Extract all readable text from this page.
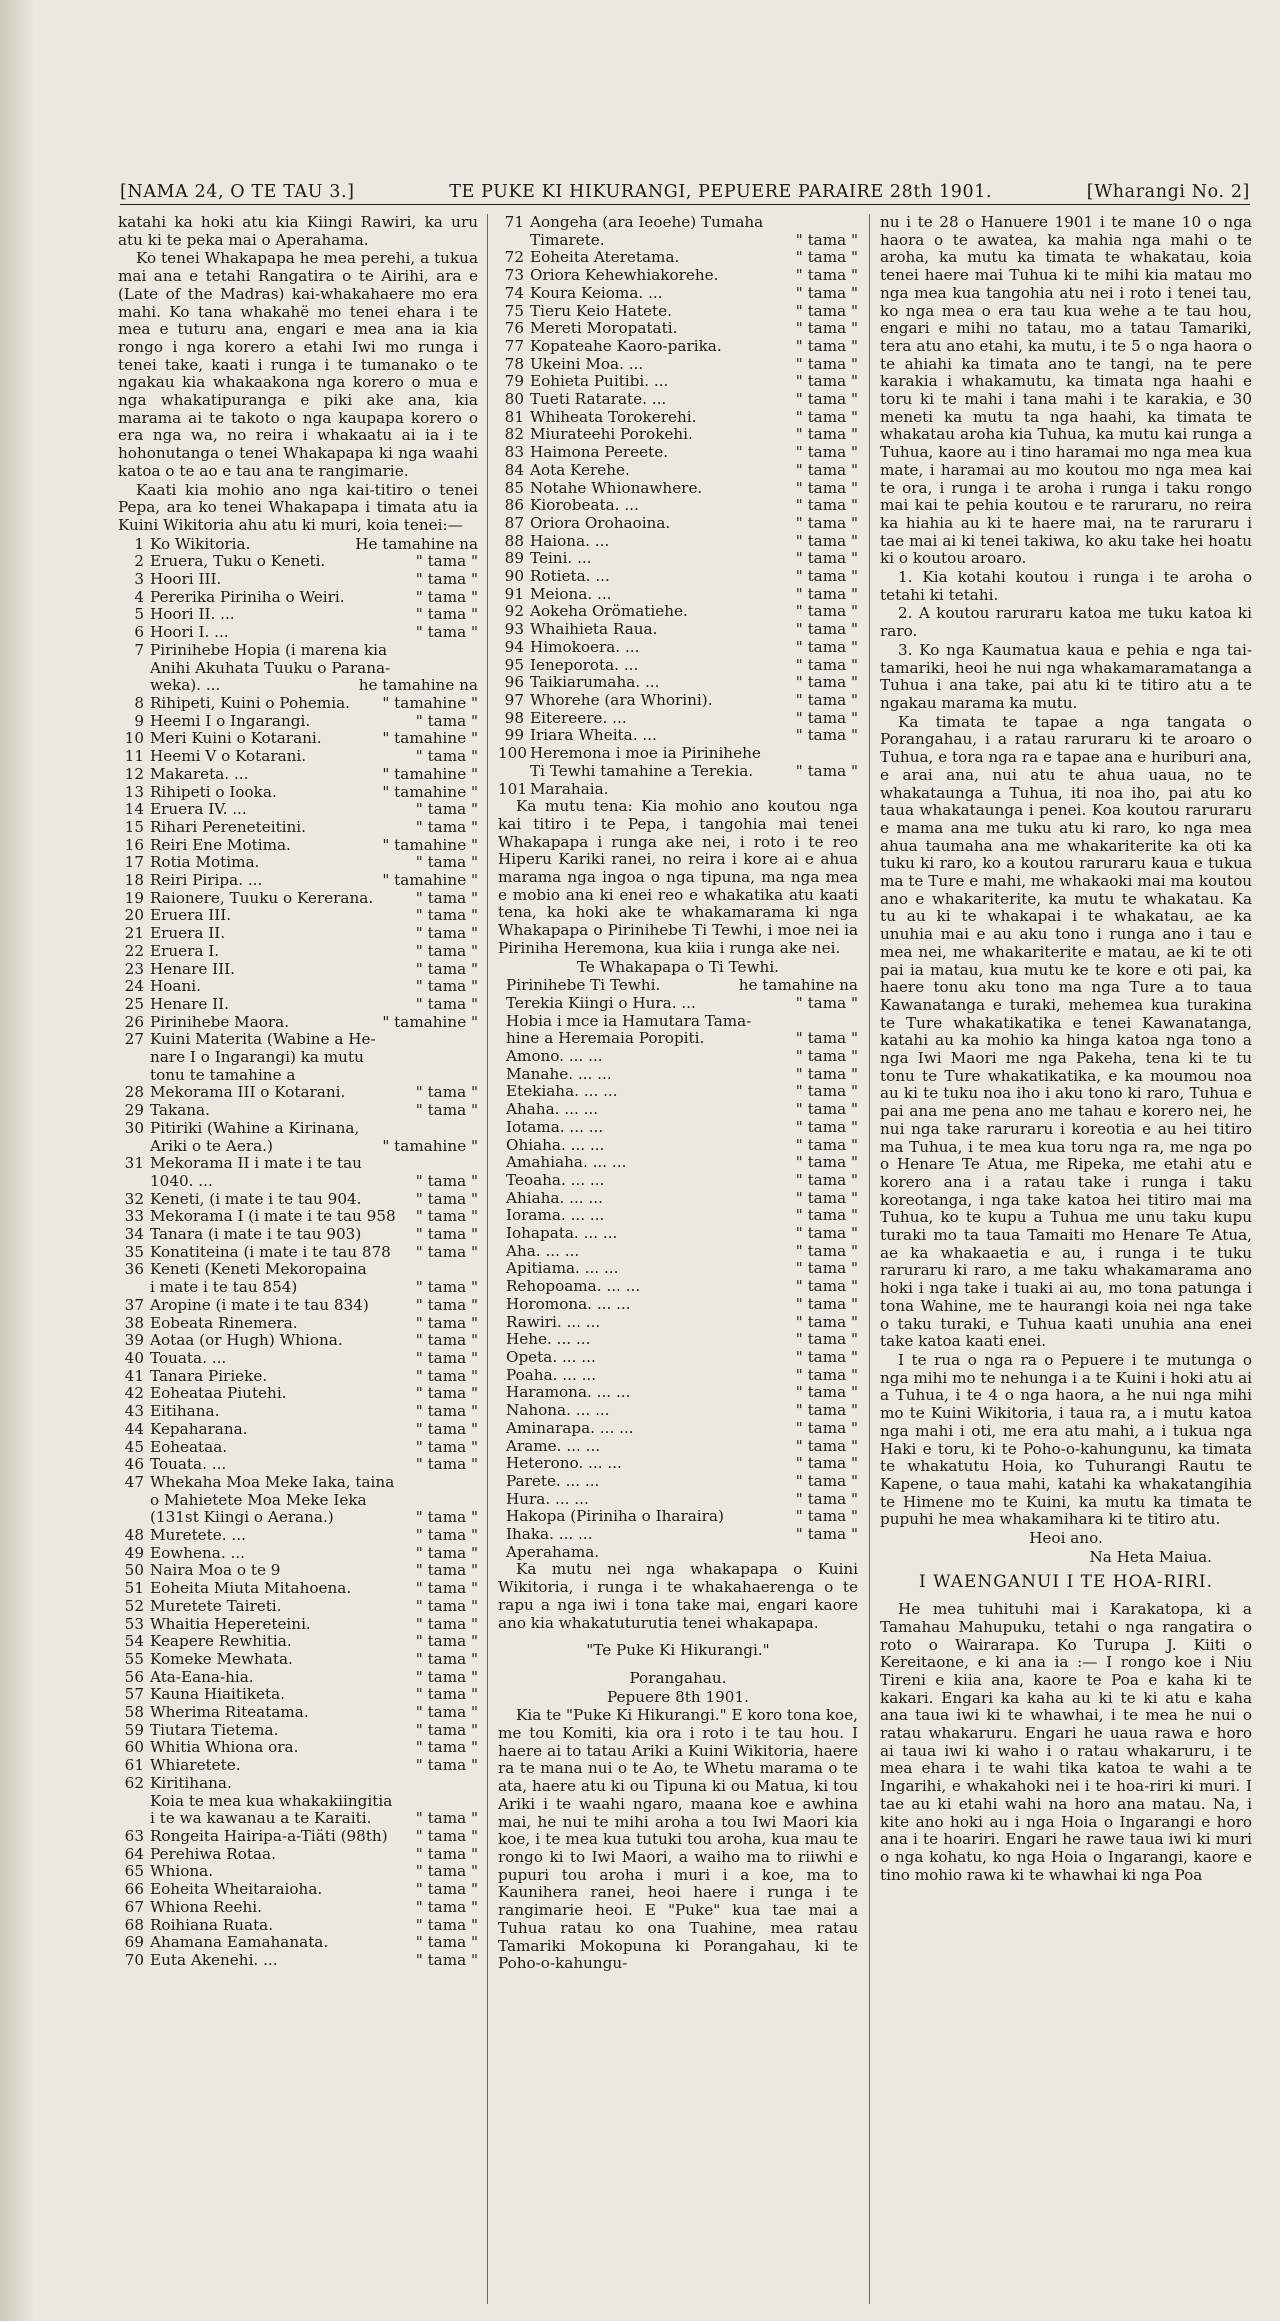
[NAMA 24, O TE TAU 3.]	TE PUKE KI HIKURANGI, PEPUERE PARAIRE 28th 1901.	[Wharangi No. 2]

katahi ka hoki atu kia Kiingi Rawiri, ka uru atu ki te peka mai o Aperahama.

Ko tenei Whakapapa he mea perehi, a tukua mai ana e tetahi Rangatira o te Airihi, ara e (Late of the Madras) kai-whakahaere mo era mahi. Ko tana whakahë mo tenei ehara i te mea e tuturu ana, engari e mea ana ia kia rongo i nga korero a etahi Iwi mo runga i tenei take, kaati i runga i te tumanako o te ngakau kia whakaakona nga korero o mua e nga whakatipuranga e piki ake ana, kia marama ai te takoto o nga kaupapa korero o era nga wa, no reira i whakaatu ai ia i te hohonutanga o tenei Whakapapa ki nga waahi katoa o te ao e tau ana te rangimarie.

Kaati kia mohio ano nga kai-titiro o tenei Pepa, ara ko tenei Whakapapa i timata atu ia Kuini Wikitoria ahu atu ki muri, koia tenei:—

1 Ko Wikitoria.	He tamahine na
2 Eruera, Tuku o Keneti.	" tama "
3 Hoori III.	" tama "
4 Pererika Piriniha o Weiri.	" tama "
5 Hoori II. ...	" tama "
6 Hoori I. ...	" tama "
7 Pirinihebe Hopia (i marena kia
Anihi Akuhata Tuuku o Parana-
weka). ...	he tamahine na
8 Rihipeti, Kuini o Pohemia.	" tamahine "
9 Heemi I o Ingarangi.	" tama "
10 Meri Kuini o Kotarani.	" tamahine "
11 Heemi V o Kotarani.	" tama "
12 Makareta. ...	" tamahine "
13 Rihipeti o Iooka.	" tamahine "
14 Eruera IV. ...	" tama "
15 Rihari Pereneteitini.	" tama "
16 Reiri Ene Motima.	" tamahine "
17 Rotia Motima.	" tama "
18 Reiri Piripa. ...	" tamahine "
19 Raionere, Tuuku o Kererana.	" tama "
20 Eruera III.	" tama "
21 Eruera II.	" tama "
22 Eruera I.	" tama "
23 Henare III.	" tama "
24 Hoani.	" tama "
25 Henare II.	" tama "
26 Pirinihebe Maora.	" tamahine "
27 Kuini Materita (Wabine a He-
nare I o Ingarangi) ka mutu
tonu te tamahine a
28 Mekorama III o Kotarani.	" tama "
29 Takana.	" tama "
30 Pitiriki (Wahine a Kirinana,
Ariki o te Aera.)	" tamahine "
31 Mekorama II i mate i te tau
1040. ...	" tama "
32 Keneti, (i mate i te tau 904.	" tama "
33 Mekorama I (i mate i te tau 958	" tama "
34 Tanara (i mate i te tau 903)	" tama "
35 Konatiteina (i mate i te tau 878	" tama "
36 Keneti (Keneti Mekoropaina
i mate i te tau 854)	" tama "
37 Aropine (i mate i te tau 834)	" tama "
38 Eobeata Rinemera.	" tama "
39 Aotaa (or Hugh) Whiona.	" tama "
40 Touata. ...	" tama "
41 Tanara Pirieke.	" tama "
42 Eoheataa Piutehi.	" tama "
43 Eitihana.	" tama "
44 Kepaharana.	" tama "
45 Eoheataa.	" tama "
46 Touata. ...	" tama "
47 Whekaha Moa Meke Iaka, taina
o Mahietete Moa Meke Ieka
(131st Kiingi o Aerana.)	" tama "
48 Muretete. ...	" tama "
49 Eowhena. ...	" tama "
50 Naira Moa o te 9	" tama "
51 Eoheita Miuta Mitahoena.	" tama "
52 Muretete Taireti.	" tama "
53 Whaitia Hepereteini.	" tama "
54 Keapere Rewhitia.	" tama "
55 Komeke Mewhata.	" tama "
56 Ata-Eana-hia.	" tama "
57 Kauna Hiaitiketa.	" tama "
58 Wherima Riteatama.	" tama "
59 Tiutara Tietema.	" tama "
60 Whitia Whiona ora.	" tama "
61 Whiaretete.	" tama "
62 Kiritihana.
Koia te mea kua whakakiingitia
i te wa kawanau a te Karaiti.	" tama "
63 Rongeita Hairipa-a-Tiäti (98th)	" tama "
64 Perehiwa Rotaa.	" tama "
65 Whiona.	" tama "
66 Eoheita Wheitaraioha.	" tama "
67 Whiona Reehi.	" tama "
68 Roihiana Ruata.	" tama "
69 Ahamana Eamahanata.	" tama "
70 Euta Akenehi. ...	" tama "
71 Aongeha (ara Ieoehe) Tumaha
Timarete.	" tama "
72 Eoheita Ateretama.	" tama "
73 Oriora Kehewhiakorehe.	" tama "
74 Koura Keioma. ...	" tama "
75 Tieru Keio Hatete.	" tama "
76 Mereti Moropatati.	" tama "
77 Kopateahe Kaoro-parika.	" tama "
78 Ukeini Moa. ...	" tama "
79 Eohieta Puitibi. ...	" tama "
80 Tueti Ratarate. ...	" tama "
81 Whiheata Torokerehi.	" tama "
82 Miurateehi Porokehi.	" tama "
83 Haimona Pereete.	" tama "
84 Aota Kerehe.	" tama "
85 Notahe Whionawhere.	" tama "
86 Kiorobeata. ...	" tama "
87 Oriora Orohaoina.	" tama "
88 Haiona. ...	" tama "
89 Teini. ...	" tama "
90 Rotieta. ...	" tama "
91 Meiona. ...	" tama "
92 Aokeha Orömatiehe.	" tama "
93 Whaihieta Raua.	" tama "
94 Himokoera. ...	" tama "
95 Ieneporota. ...	" tama "
96 Taikiarumaha. ...	" tama "
97 Whorehe (ara Whorini).	" tama "
98 Eitereere. ...	" tama "
99 Iriara Wheita. ...	" tama "
100 Heremona i moe ia Pirinihehe
Ti Tewhi tamahine a Terekia.	" tama "
101 Marahaia.

Ka mutu tena: Kia mohio ano koutou nga kai titiro i te Pepa, i tangohia mai tenei Whakapapa i runga ake nei, i roto i te reo Hiperu Kariki ranei, no reira i kore ai e ahua marama nga ingoa o nga tipuna, ma nga mea e mobio ana ki enei reo e whakatika atu kaati tena, ka hoki ake te whakamarama ki nga Whakapapa o Pirinihebe Ti Tewhi, i moe nei ia Piriniha Heremona, kua kiia i runga ake nei.

Te Whakapapa o Ti Tewhi.

Pirinihebe Ti Tewhi.	he tamahine na
Terekia Kiingi o Hura. ...	" tama "
Hobia i mce ia Hamutara Tama-
hine a Heremaia Poropiti.	" tama "
Amono. ... ...	" tama "
Manahe. ... ...	" tama "
Etekiaha. ... ...	" tama "
Ahaha. ... ...	" tama "
Iotama. ... ...	" tama "
Ohiaha. ... ...	" tama "
Amahiaha. ... ...	" tama "
Teoaha. ... ...	" tama "
Ahiaha. ... ...	" tama "
Iorama. ... ...	" tama "
Iohapata. ... ...	" tama "
Aha. ... ...	" tama "
Apitiama. ... ...	" tama "
Rehopoama. ... ...	" tama "
Horomona. ... ...	" tama "
Rawiri. ... ...	" tama "
Hehe. ... ...	" tama "
Opeta. ... ...	" tama "
Poaha. ... ...	" tama "
Haramona. ... ...	" tama "
Nahona. ... ...	" tama "
Aminarapa. ... ...	" tama "
Arame. ... ...	" tama "
Heterono. ... ...	" tama "
Parete. ... ...	" tama "
Hura. ... ...	" tama "
Hakopa (Piriniha o Iharaira)	" tama "
Ihaka. ... ...	" tama "
Aperahama.

Ka mutu nei nga whakapapa o Kuini Wikitoria, i runga i te whakahaerenga o te rapu a nga iwi i tona take mai, engari kaore ano kia whakatuturutia tenei whakapapa.

"Te Puke Ki Hikurangi."

Porangahau.

Pepuere 8th 1901.

Kia te "Puke Ki Hikurangi." E koro tona koe, me tou Komiti, kia ora i roto i te tau hou. I haere ai to tatau Ariki a Kuini Wikitoria, haere ra te mana nui o te Ao, te Whetu marama o te ata, haere atu ki ou Tipuna ki ou Matua, ki tou Ariki i te waahi ngaro, maana koe e awhina mai, he nui te mihi aroha a tou Iwi Maori kia koe, i te mea kua tutuki tou aroha, kua mau te rongo ki to Iwi Maori, a waiho ma to riiwhi e pupuri tou aroha i muri i a koe, ma to Kaunihera ranei, heoi haere i runga i te rangimarie heoi. E "Puke" kua tae mai a Tuhua ratau ko ona Tuahine, mea ratau Tamariki Mokopuna ki Porangahau, ki te Poho-o-kahungu-

nu i te 28 o Hanuere 1901 i te mane 10 o nga haora o te awatea, ka mahia nga mahi o te aroha, ka mutu ka timata te whakatau, koia tenei haere mai Tuhua ki te mihi kia matau mo nga mea kua tangohia atu nei i roto i tenei tau, ko nga mea o era tau kua wehe a te tau hou, engari e mihi no tatau, mo a tatau Tamariki, tera atu ano etahi, ka mutu, i te 5 o nga haora o te ahiahi ka timata ano te tangi, na te pere karakia i whakamutu, ka timata nga haahi e toru ki te mahi i tana mahi i te karakia, e 30 meneti ka mutu ta nga haahi, ka timata te whakatau aroha kia Tuhua, ka mutu kai runga a Tuhua, kaore au i tino haramai mo nga mea kua mate, i haramai au mo koutou mo nga mea kai te ora, i runga i te aroha i runga i taku rongo mai kai te pehia koutou e te raruraru, no reira ka hiahia au ki te haere mai, na te raruraru i tae mai ai ki tenei takiwa, ko aku take hei hoatu ki o koutou aroaro.

1. Kia kotahi koutou i runga i te aroha o tetahi ki tetahi.

2. A koutou raruraru katoa me tuku katoa ki raro.

3. Ko nga Kaumatua kaua e pehia e nga tai-tamariki, heoi he nui nga whakamaramatanga a Tuhua i ana take, pai atu ki te titiro atu a te ngakau marama ka mutu.

Ka timata te tapae a nga tangata o Porangahau, i a ratau raruraru ki te aroaro o Tuhua, e tora nga ra e tapae ana e huriburi ana, e arai ana, nui atu te ahua uaua, no te whakataunga a Tuhua, iti noa iho, pai atu ko taua whakataunga i penei. Koa koutou raruraru e mama ana me tuku atu ki raro, ko nga mea ahua taumaha ana me whakariterite ka oti ka tuku ki raro, ko a koutou raruraru kaua e tukua ma te Ture e mahi, me whakaoki mai ma koutou ano e whakariterite, ka mutu te whakatau. Ka tu au ki te whakapai i te whakatau, ae ka unuhia mai e au aku tono i runga ano i tau e mea nei, me whakariterite e matau, ae ki te oti pai ia matau, kua mutu ke te kore e oti pai, ka haere tonu aku tono ma nga Ture a to taua Kawanatanga e turaki, mehemea kua turakina te Ture whakatikatika e tenei Kawanatanga, katahi au ka mohio ka hinga katoa nga tono a nga Iwi Maori me nga Pakeha, tena ki te tu tonu te Ture whakatikatika, e ka moumou noa au ki te tuku noa iho i aku tono ki raro, Tuhua e pai ana me pena ano me tahau e korero nei, he nui nga take raruraru i koreotia e au hei titiro ma Tuhua, i te mea kua toru nga ra, me nga po o Henare Te Atua, me Ripeka, me etahi atu e korero ana i a ratau take i runga i taku koreotanga, i nga take katoa hei titiro mai ma Tuhua, ko te kupu a Tuhua me unu taku kupu turaki mo ta taua Tamaiti mo Henare Te Atua, ae ka whakaaetia e au, i runga i te tuku raruraru ki raro, a me taku whakamarama ano hoki i nga take i tuaki ai au, mo tona patunga i tona Wahine, me te haurangi koia nei nga take o taku turaki, e Tuhua kaati unuhia ana enei take katoa kaati enei.

I te rua o nga ra o Pepuere i te mutunga o nga mihi mo te nehunga i a te Kuini i hoki atu ai a Tuhua, i te 4 o nga haora, a he nui nga mihi mo te Kuini Wikitoria, i taua ra, a i mutu katoa nga mahi i oti, me era atu mahi, a i tukua nga Haki e toru, ki te Poho-o-kahungunu, ka timata te whakatutu Hoia, ko Tuhurangi Rautu te Kapene, o taua mahi, katahi ka whakatangihia te Himene mo te Kuini, ka mutu ka timata te pupuhi he mea whakamihara ki te titiro atu.

Heoi ano.

Na Heta Maiua.

I WAENGANUI I TE HOA-RIRI.

He mea tuhituhi mai i Karakatopa, ki a Tamahau Mahupuku, tetahi o nga rangatira o roto o Wairarapa. Ko Turupa J. Kiiti o Kereitaone, e ki ana ia :— I rongo koe i Niu Tireni e kiia ana, kaore te Poa e kaha ki te kakari. Engari ka kaha au ki te ki atu e kaha ana taua iwi ki te whawhai, i te mea he nui o ratau whakaruru. Engari he uaua rawa e horo ai taua iwi ki waho i o ratau whakaruru, i te mea ehara i te wahi tika katoa te wahi a te Ingarihi, e whakahoki nei i te hoa-riri ki muri. I tae au ki etahi wahi na horo ana matau. Na, i kite ano hoki au i nga Hoia o Ingarangi e horo ana i te hoariri. Engari he rawe taua iwi ki muri o nga kohatu, ko nga Hoia o Ingarangi, kaore e tino mohio rawa ki te whawhai ki nga Poa
